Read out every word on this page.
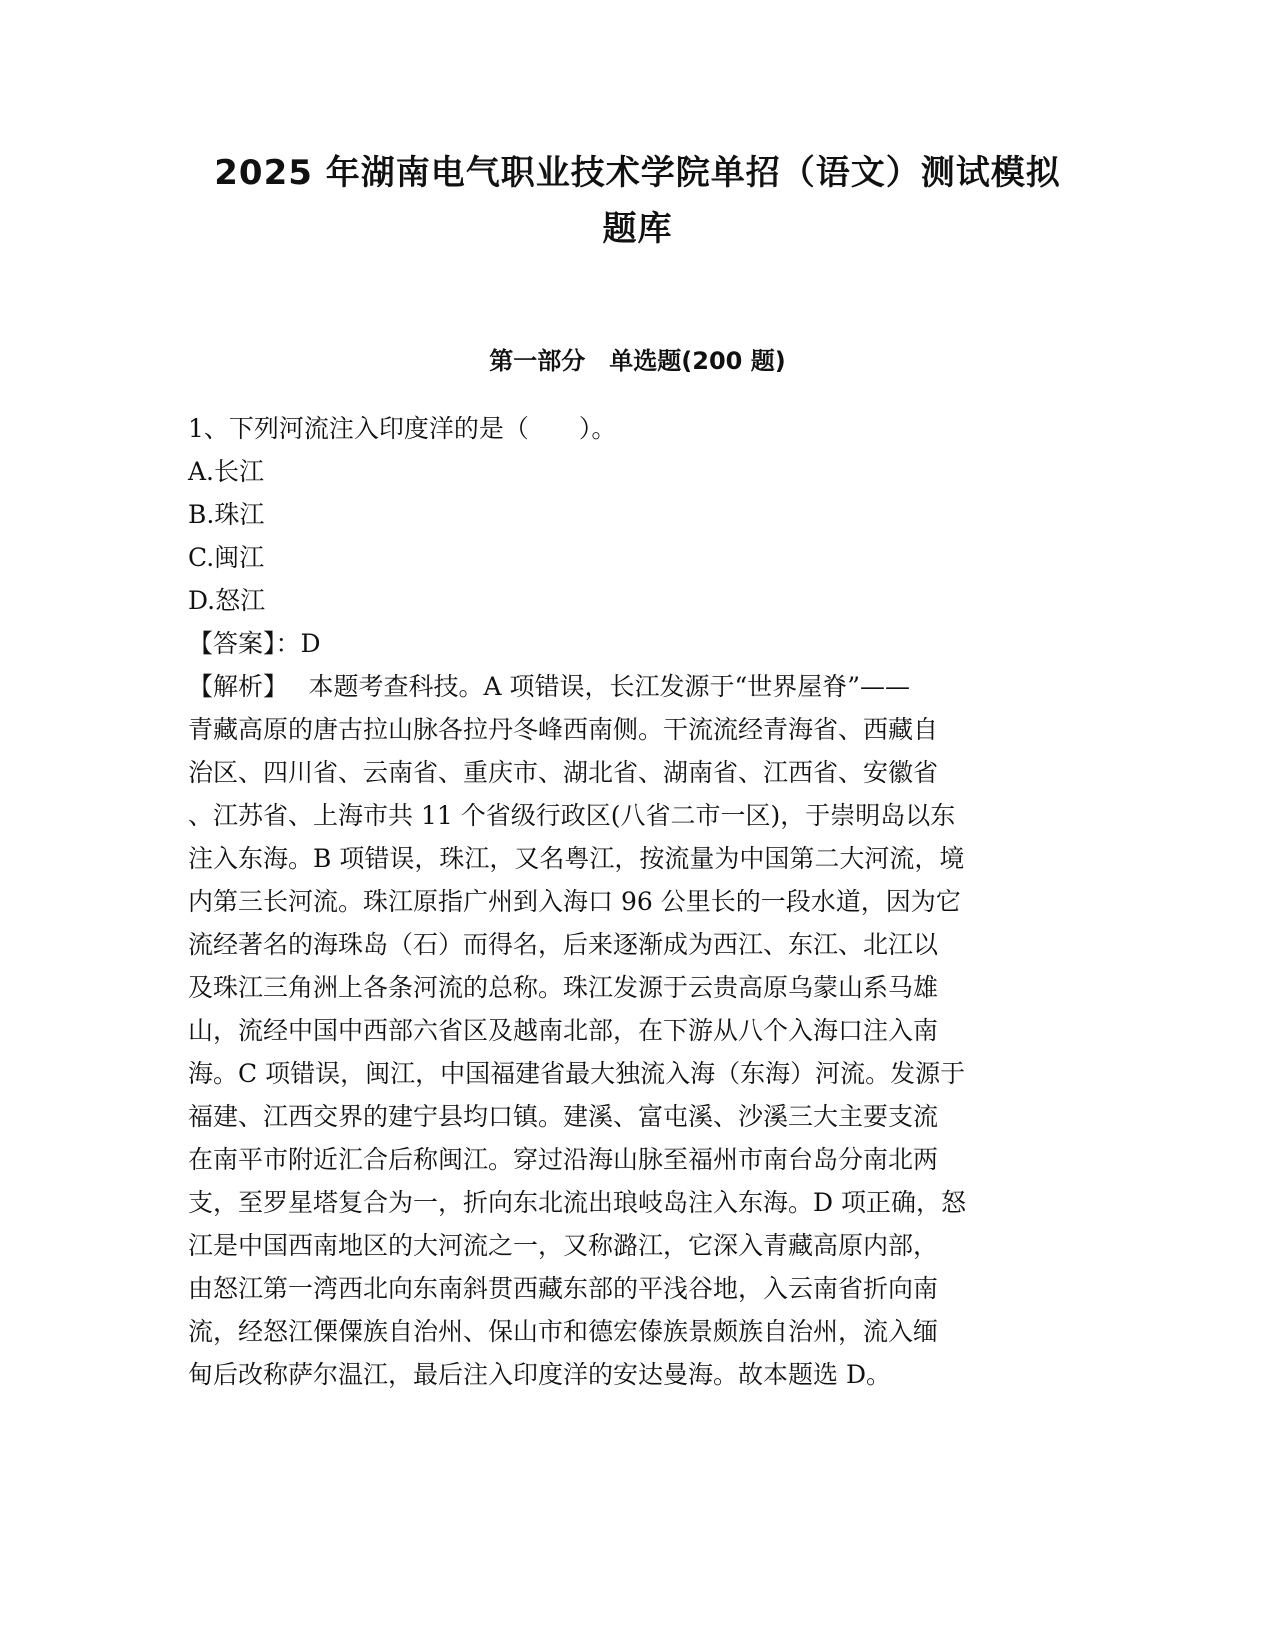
2025 年湖南电气职业技术学院单招（语文）测试模拟
题库
第一部分　单选题(200 题)
1、下列河流注入印度洋的是（　　）。
A.长江
B.珠江
C.闽江
D.怒江
【答案】：D
【解析】　 本题考查科技。A 项错误，长江发源于“世界屋脊”——
青藏高原的唐古拉山脉各拉丹冬峰西南侧。干流流经青海省、西藏自
治区、四川省、云南省、重庆市、湖北省、湖南省、江西省、安徽省
、江苏省、上海市共 11 个省级行政区(八省二市一区)，于崇明岛以东
注入东海。B 项错误，珠江，又名粤江，按流量为中国第二大河流，境
内第三长河流。珠江原指广州到入海口 96 公里长的一段水道，因为它
流经著名的海珠岛（石）而得名，后来逐渐成为西江、东江、北江以
及珠江三角洲上各条河流的总称。珠江发源于云贵高原乌蒙山系马雄
山，流经中国中西部六省区及越南北部，在下游从八个入海口注入南
海。C 项错误，闽江，中国福建省最大独流入海（东海）河流。发源于
福建、江西交界的建宁县均口镇。建溪、富屯溪、沙溪三大主要支流
在南平市附近汇合后称闽江。穿过沿海山脉至福州市南台岛分南北两
支，至罗星塔复合为一，折向东北流出琅岐岛注入东海。D 项正确，怒
江是中国西南地区的大河流之一，又称潞江，它深入青藏高原内部，
由怒江第一湾西北向东南斜贯西藏东部的平浅谷地，入云南省折向南
流，经怒江傈僳族自治州、保山市和德宏傣族景颇族自治州，流入缅
甸后改称萨尔温江，最后注入印度洋的安达曼海。故本题选 D。
